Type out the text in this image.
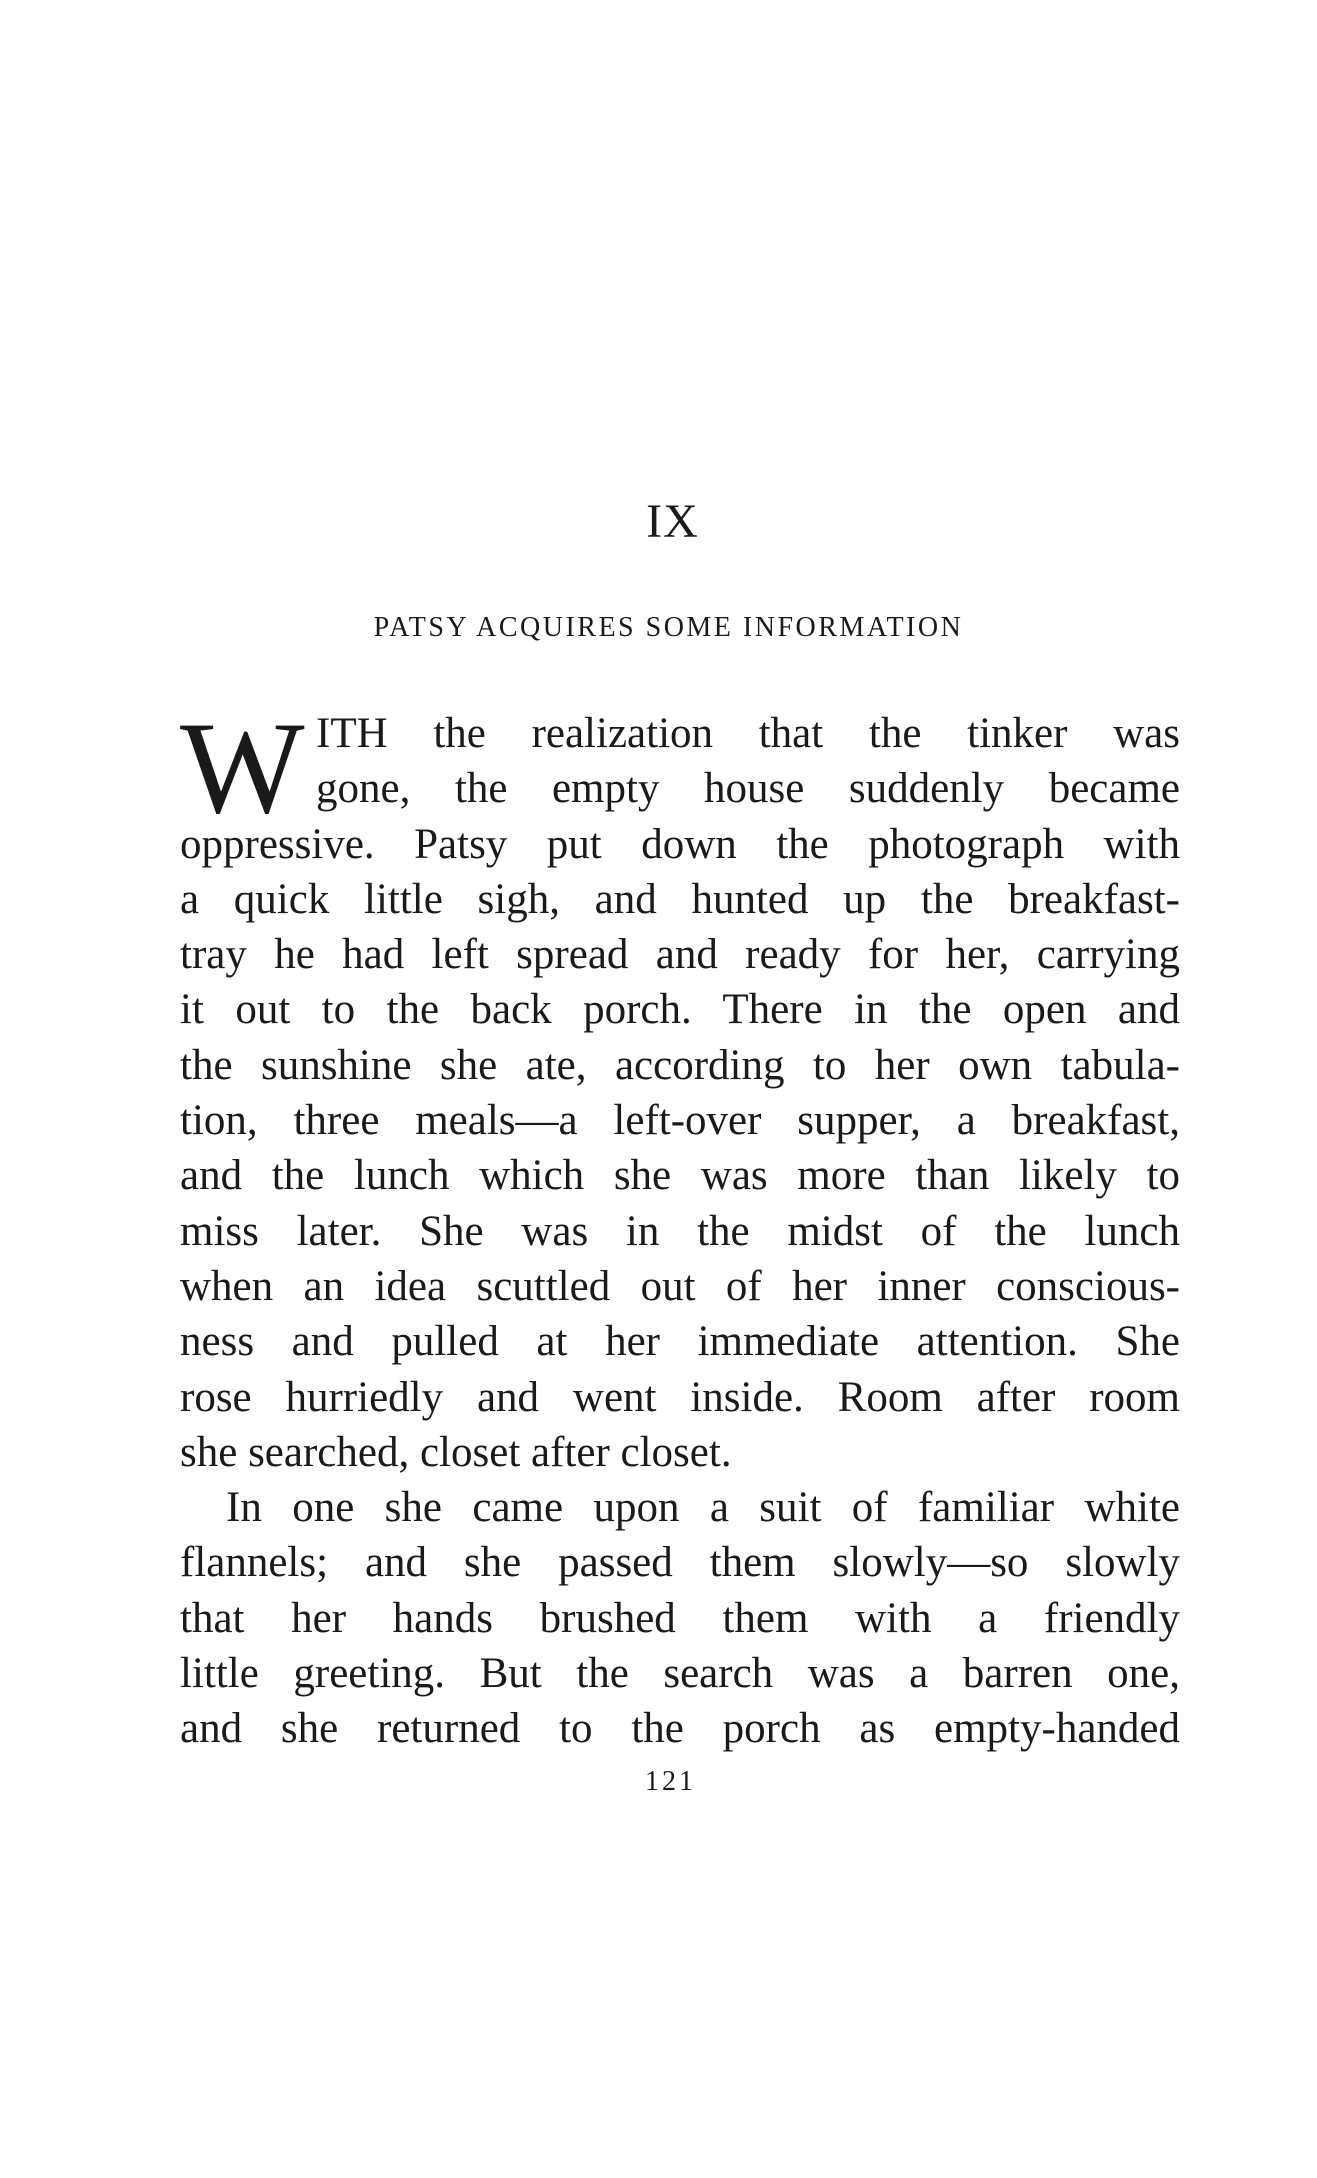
IX
PATSY ACQUIRES SOME INFORMATION
W ITH the realization that the tinker was
gone, the empty house suddenly became
oppressive. Patsy put down the photograph with
a quick little sigh, and hunted up the breakfast-
tray he had left spread and ready for her, carrying
it out to the back porch. There in the open and
the sunshine she ate, according to her own tabula-
tion, three meals—a left-over supper, a breakfast,
and the lunch which she was more than likely to
miss later. She was in the midst of the lunch
when an idea scuttled out of her inner conscious-
ness and pulled at her immediate attention. She
rose hurriedly and went inside. Room after room
she searched, closet after closet.
In one she came upon a suit of familiar white
flannels; and she passed them slowly—so slowly
that her hands brushed them with a friendly
little greeting. But the search was a barren one,
and she returned to the porch as empty-handed
121
